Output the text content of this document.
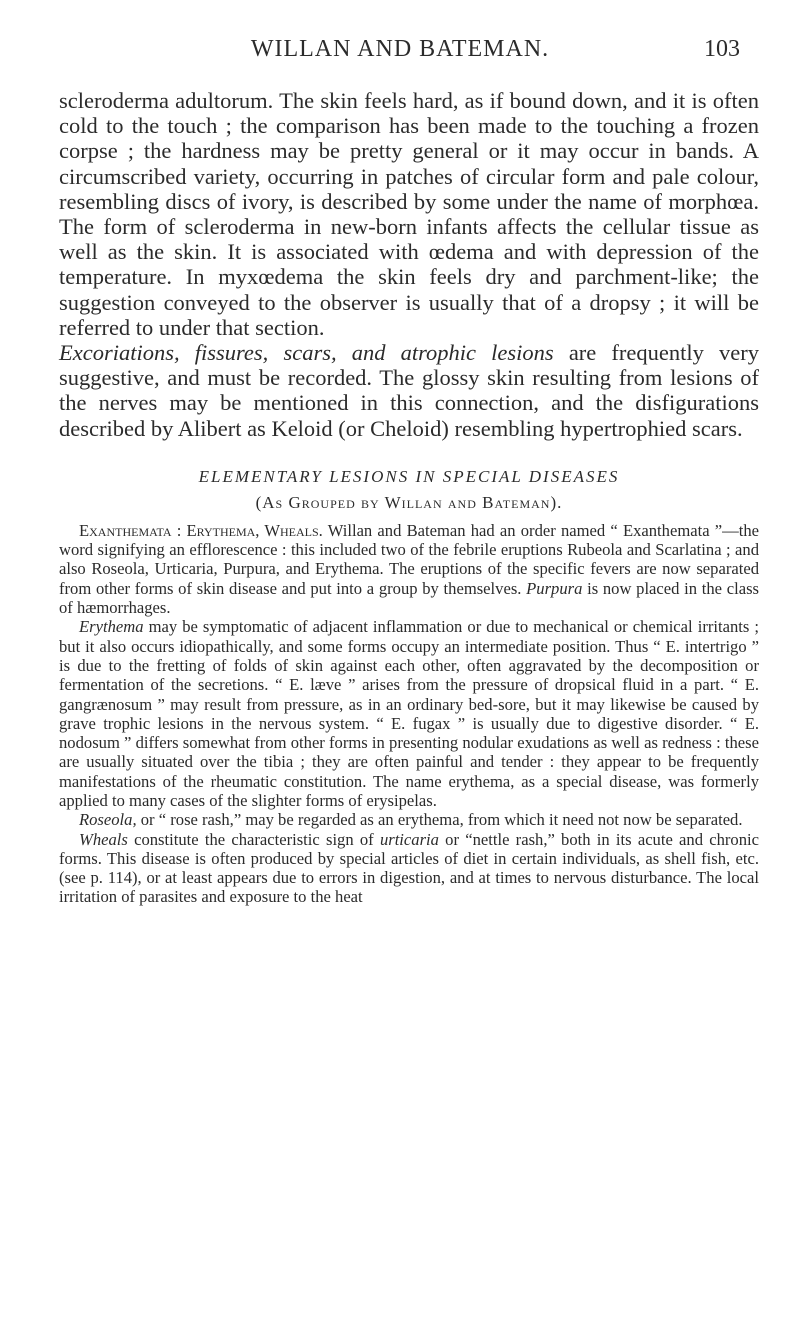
WILLAN AND BATEMAN.	103

scleroderma adultorum. The skin feels hard, as if bound down, and it is often cold to the touch ; the comparison has been made to the touching a frozen corpse ; the hardness may be pretty general or it may occur in bands. A circumscribed variety, occurring in patches of circular form and pale colour, resembling discs of ivory, is described by some under the name of morphœa. The form of scleroderma in new-born infants affects the cellular tissue as well as the skin. It is associated with œdema and with depression of the temperature. In myxœdema the skin feels dry and parchment-like; the suggestion conveyed to the observer is usually that of a dropsy ; it will be referred to under that section.

Excoriations, fissures, scars, and atrophic lesions are frequently very suggestive, and must be recorded. The glossy skin resulting from lesions of the nerves may be mentioned in this connection, and the disfigurations described by Alibert as Keloid (or Cheloid) resembling hypertrophied scars.

ELEMENTARY LESIONS IN SPECIAL DISEASES
(As Grouped by Willan and Bateman).

Exanthemata : Erythema, Wheals. Willan and Bateman had an order named “ Exanthemata ”—the word signifying an efflorescence : this included two of the febrile eruptions Rubeola and Scarlatina ; and also Roseola, Urticaria, Purpura, and Erythema. The eruptions of the specific fevers are now separated from other forms of skin disease and put into a group by themselves. Purpura is now placed in the class of hæmorrhages.

Erythema may be symptomatic of adjacent inflammation or due to mechanical or chemical irritants ; but it also occurs idiopathically, and some forms occupy an intermediate position. Thus “ E. intertrigo ” is due to the fretting of folds of skin against each other, often aggravated by the decomposition or fermentation of the secretions. “ E. læve ” arises from the pressure of dropsical fluid in a part. “ E. gangrænosum ” may result from pressure, as in an ordinary bed-sore, but it may likewise be caused by grave trophic lesions in the nervous system. “ E. fugax ” is usually due to digestive disorder. “ E. nodosum ” differs somewhat from other forms in presenting nodular exudations as well as redness : these are usually situated over the tibia ; they are often painful and tender : they appear to be frequently manifestations of the rheumatic constitution. The name erythema, as a special disease, was formerly applied to many cases of the slighter forms of erysipelas.

Roseola, or “ rose rash,” may be regarded as an erythema, from which it need not now be separated.

Wheals constitute the characteristic sign of urticaria or “nettle rash,” both in its acute and chronic forms. This disease is often produced by special articles of diet in certain individuals, as shell fish, etc. (see p. 114), or at least appears due to errors in digestion, and at times to nervous disturbance. The local irritation of parasites and exposure to the heat
